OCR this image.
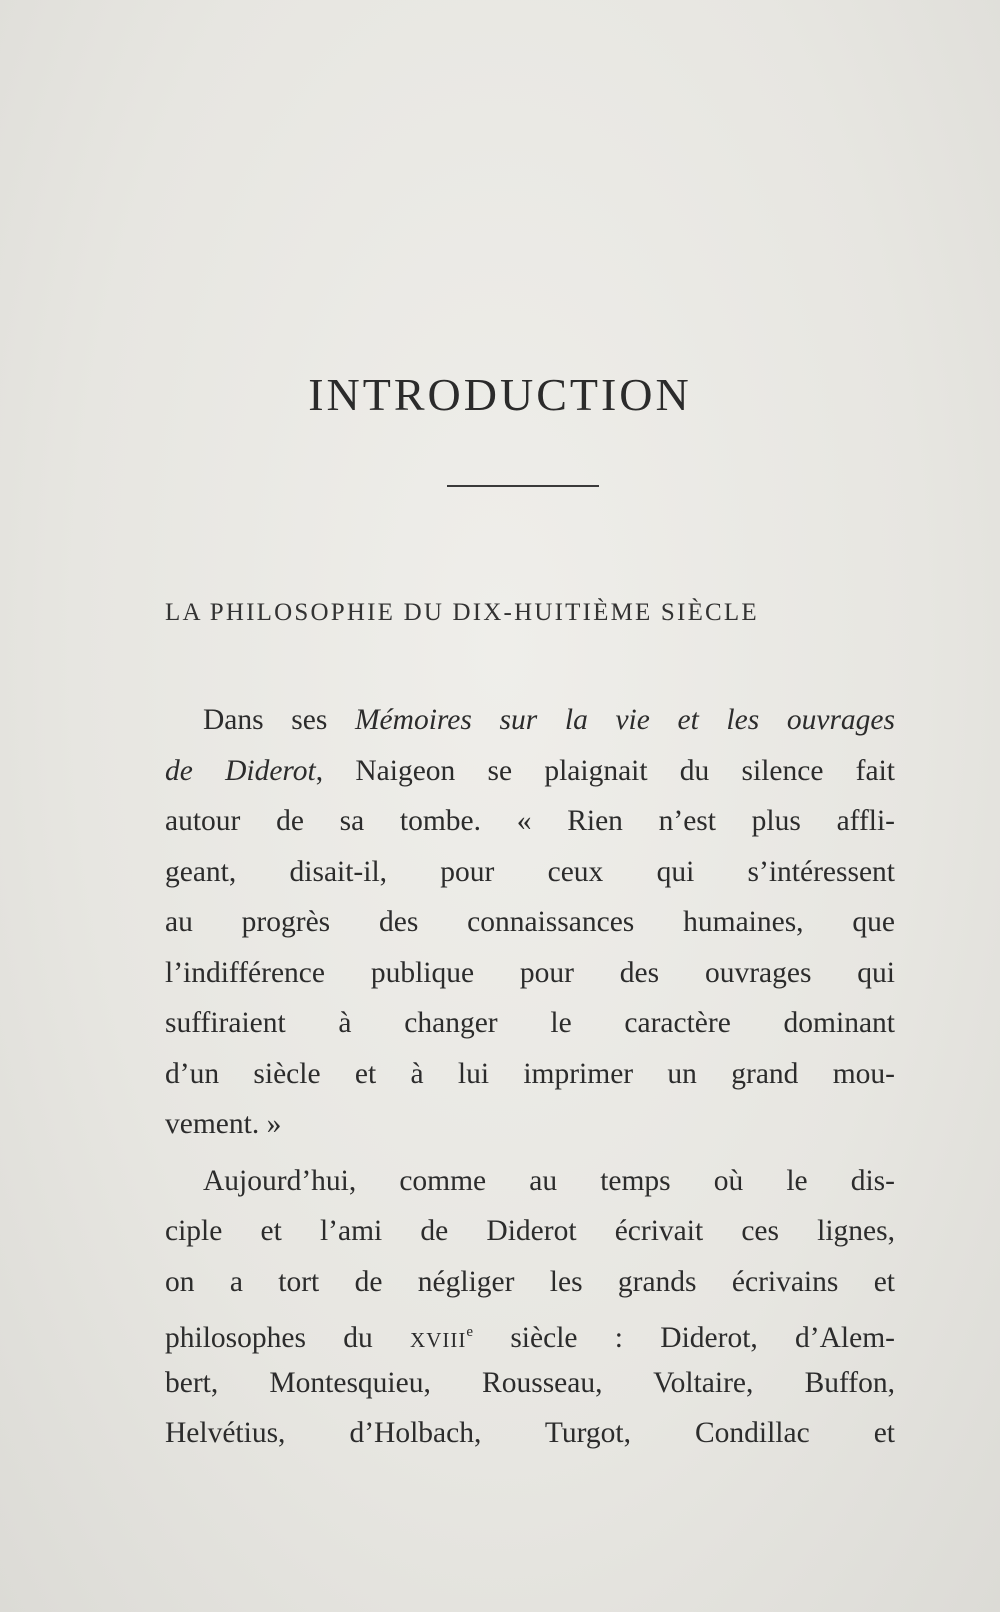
INTRODUCTION
LA PHILOSOPHIE DU DIX-HUITIÈME SIÈCLE
Dans ses Mémoires sur la vie et les ouvrages
de Diderot, Naigeon se plaignait du silence fait
autour de sa tombe. « Rien n’est plus affli-
geant, disait-il, pour ceux qui s’intéressent
au progrès des connaissances humaines, que
l’indifférence publique pour des ouvrages qui
suffiraient à changer le caractère dominant
d’un siècle et à lui imprimer un grand mou-
vement. »
Aujourd’hui, comme au temps où le dis-
ciple et l’ami de Diderot écrivait ces lignes,
on a tort de négliger les grands écrivains et
philosophes du xviii$^e$ siècle : Diderot, d’Alem-
bert, Montesquieu, Rousseau, Voltaire, Buffon,
Helvétius, d’Holbach, Turgot, Condillac et
